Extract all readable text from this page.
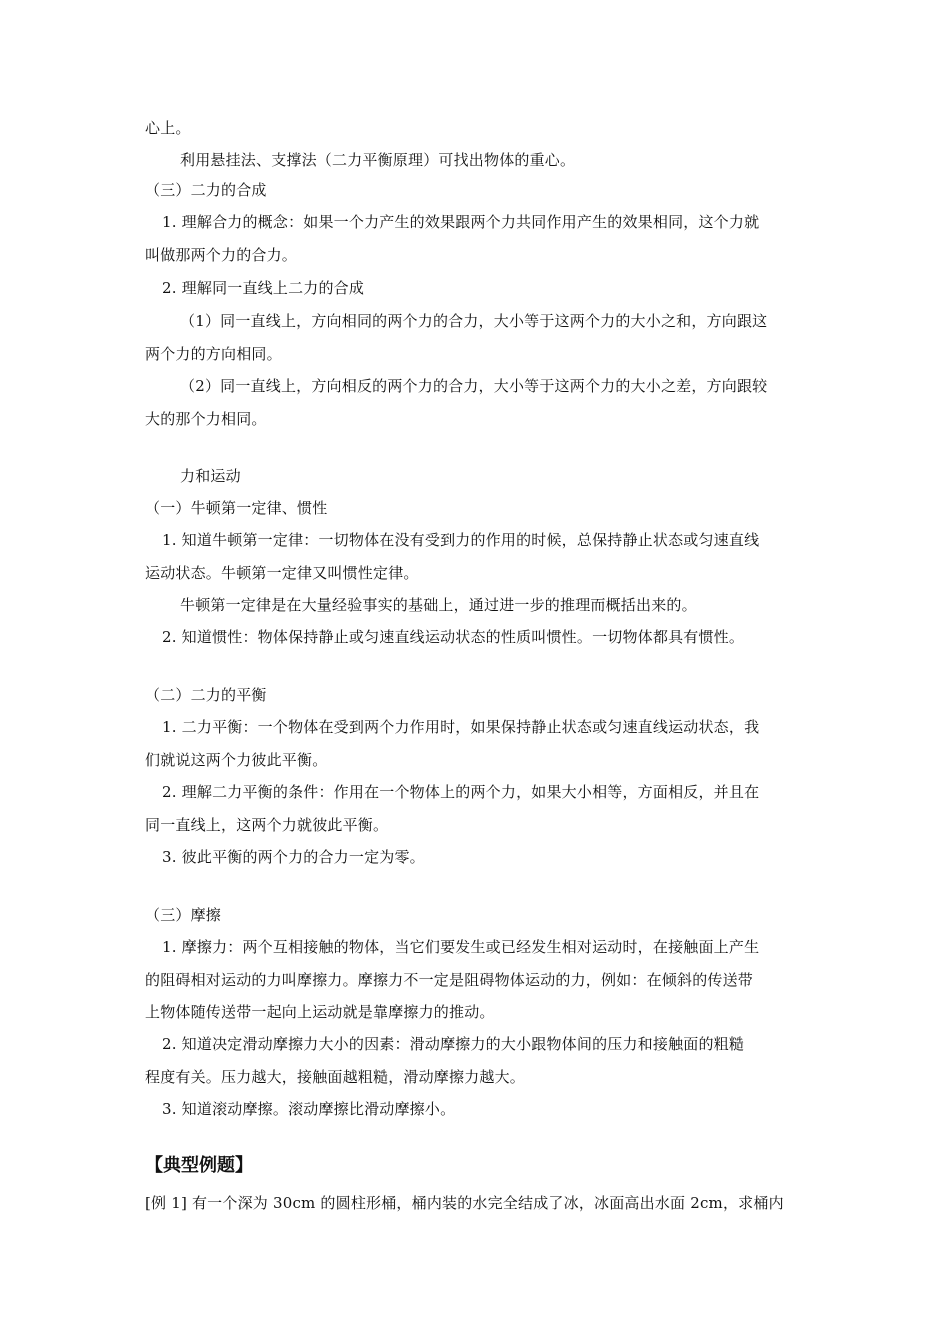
心上。
利用悬挂法、支撑法（二力平衡原理）可找出物体的重心。
（三）二力的合成
1. 理解合力的概念：如果一个力产生的效果跟两个力共同作用产生的效果相同，这个力就
叫做那两个力的合力。
2. 理解同一直线上二力的合成
（1）同一直线上，方向相同的两个力的合力，大小等于这两个力的大小之和，方向跟这
两个力的方向相同。
（2）同一直线上，方向相反的两个力的合力，大小等于这两个力的大小之差，方向跟较
大的那个力相同。
力和运动
（一）牛顿第一定律、惯性
1. 知道牛顿第一定律：一切物体在没有受到力的作用的时候，总保持静止状态或匀速直线
运动状态。牛顿第一定律又叫惯性定律。
牛顿第一定律是在大量经验事实的基础上，通过进一步的推理而概括出来的。
2. 知道惯性：物体保持静止或匀速直线运动状态的性质叫惯性。一切物体都具有惯性。
（二）二力的平衡
1. 二力平衡：一个物体在受到两个力作用时，如果保持静止状态或匀速直线运动状态，我
们就说这两个力彼此平衡。
2. 理解二力平衡的条件：作用在一个物体上的两个力，如果大小相等，方面相反，并且在
同一直线上，这两个力就彼此平衡。
3. 彼此平衡的两个力的合力一定为零。
（三）摩擦
1. 摩擦力：两个互相接触的物体，当它们要发生或已经发生相对运动时，在接触面上产生
的阻碍相对运动的力叫摩擦力。摩擦力不一定是阻碍物体运动的力，例如：在倾斜的传送带
上物体随传送带一起向上运动就是靠摩擦力的推动。
2. 知道决定滑动摩擦力大小的因素：滑动摩擦力的大小跟物体间的压力和接触面的粗糙
程度有关。压力越大，接触面越粗糙，滑动摩擦力越大。
3. 知道滚动摩擦。滚动摩擦比滑动摩擦小。
【典型例题】
[例 1] 有一个深为 30cm 的圆柱形桶，桶内装的水完全结成了冰，冰面高出水面 2cm，求桶内
